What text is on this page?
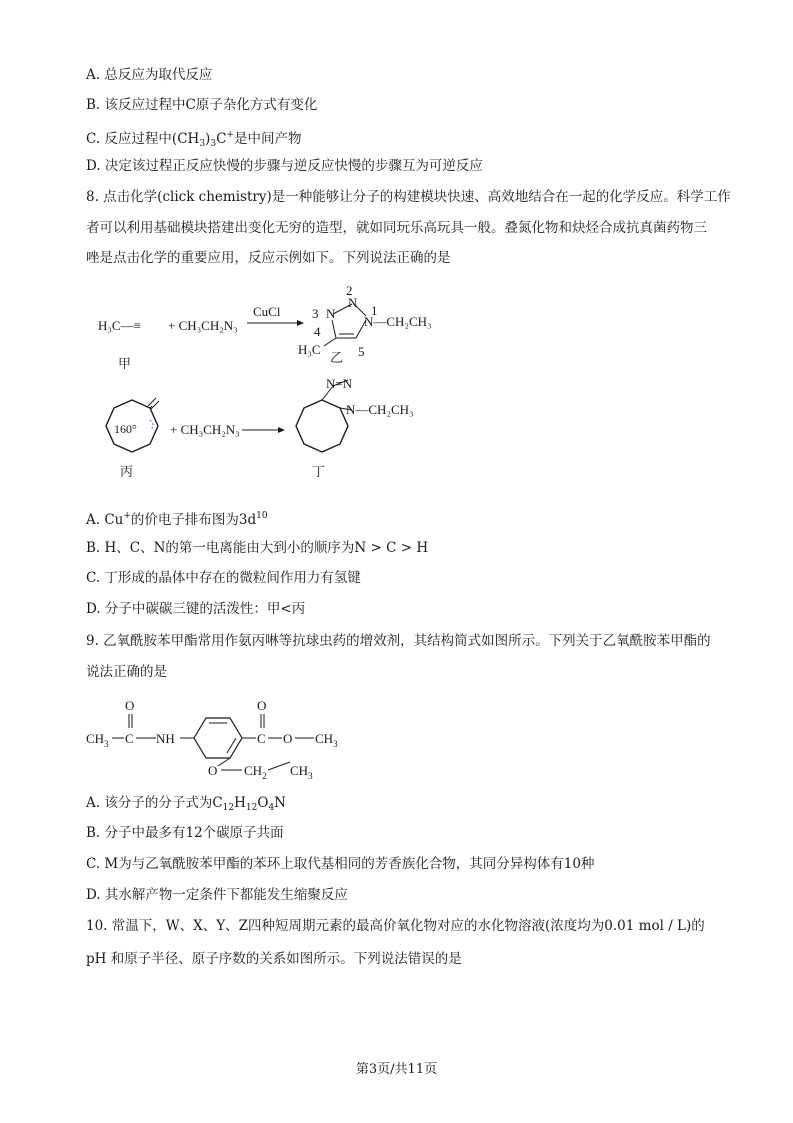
A. 总反应为取代反应
B. 该反应过程中C原子杂化方式有变化
C. 反应过程中$(CH_3)_3C^+$是中间产物
D. 决定该过程正反应快慢的步骤与逆反应快慢的步骤互为可逆反应
8. 点击化学(click chemistry)是一种能够让分子的构建模块快速、高效地结合在一起的化学反应。科学工作
者可以利用基础模块搭建出变化无穷的造型，就如同玩乐高玩具一般。叠氮化物和炔烃合成抗真菌药物三
唑是点击化学的重要应用，反应示例如下。下列说法正确的是
H₃C—≡ + CH₃CH₂N₃
CuCl 3 N
2
N
1
N—CH₂CH₃
4
H₃C	5
乙
甲
160°	+ CH₃CH₂N₃
N=N
N—CH₂CH₃
丙	丁
A. Cu+的价电子排布图为$3d^{10}$
B. H、C、N的第一电离能由大到小的顺序为N > C > H
C. 丁形成的晶体中存在的微粒间作用力有氢键
D. 分子中碳碳三键的活泼性：甲<丙
9. 乙氧酰胺苯甲酯常用作氨丙啉等抗球虫药的增效剂，其结构简式如图所示。下列关于乙氧酰胺苯甲酯的
说法正确的是
$CH_3$ C
O
NH	C
O
O $CH_3$
O $CH_2$ $CH_3$
A. 该分子的分子式为$C_{12}H_{12}O_4N$
B. 分子中最多有12个碳原子共面
C. M为与乙氧酰胺苯甲酯的苯环上取代基相同的芳香族化合物，其同分异构体有10种
D. 其水解产物一定条件下都能发生缩聚反应
10. 常温下，W、X、Y、Z四种短周期元素的最高价氧化物对应的水化物溶液(浓度均为0.01 mol / L)的
pH 和原子半径、原子序数的关系如图所示。下列说法错误的是
第3页/共11页
